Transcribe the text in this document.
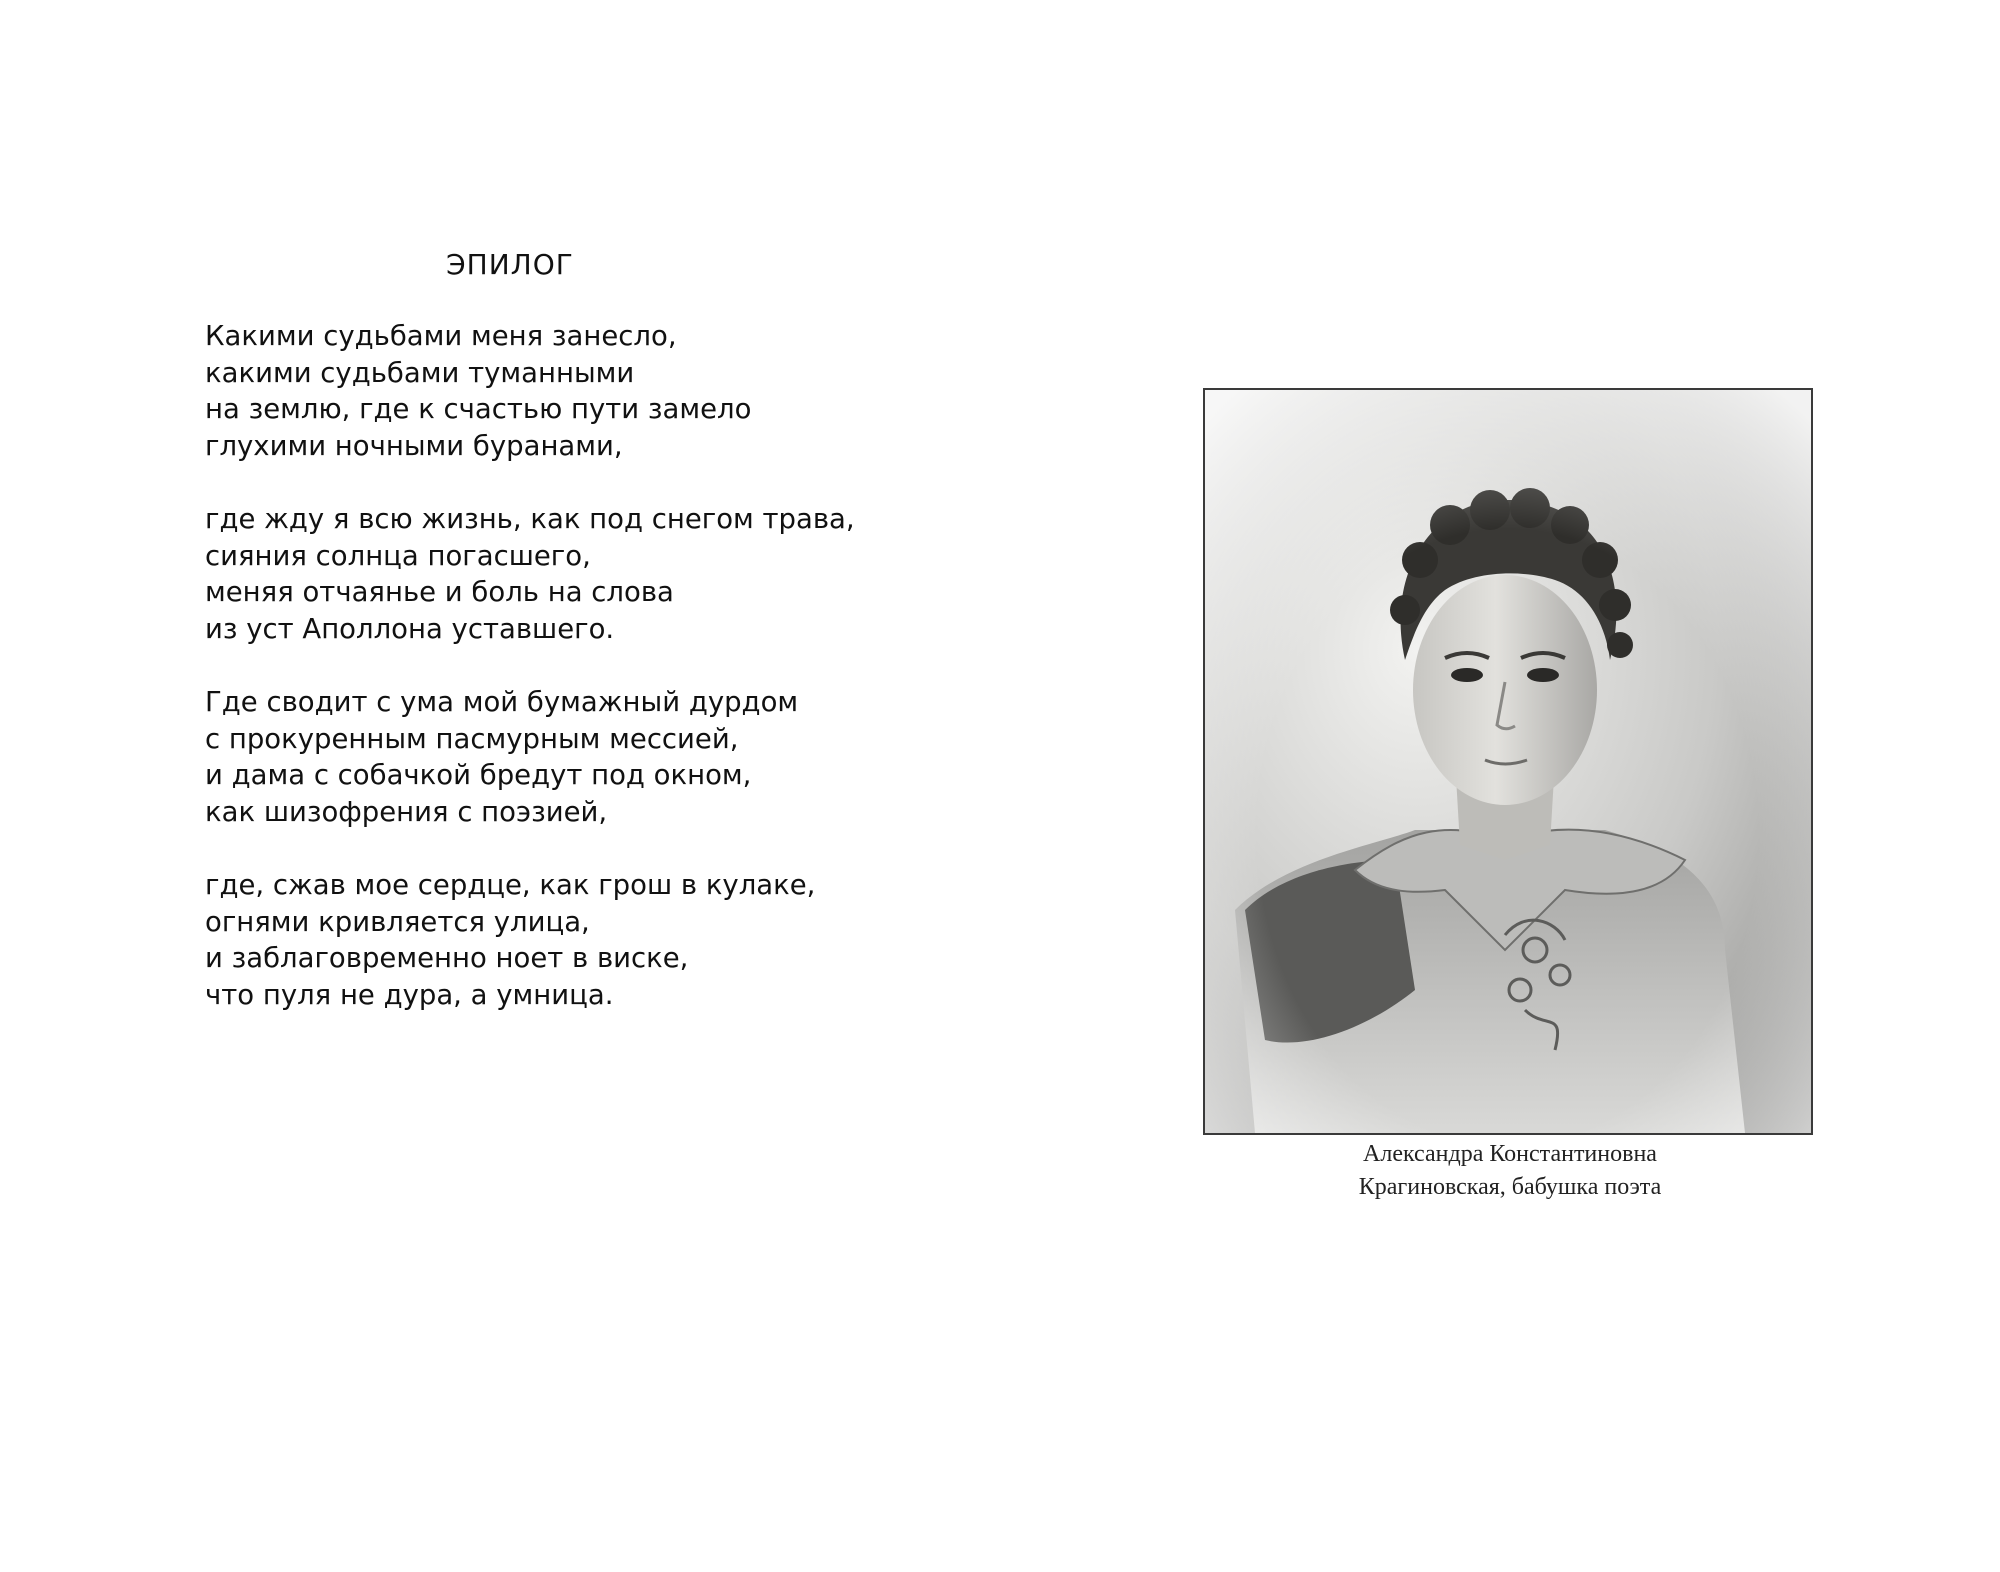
ЭПИЛОГ
Какими судьбами меня занесло,
какими судьбами туманными
на землю, где к счастью пути замело
глухими ночными буранами,
где жду я всю жизнь, как под снегом трава,
сияния солнца погасшего,
меняя отчаянье и боль на слова
из уст Аполлона уставшего.
Где сводит с ума мой бумажный дурдом
с прокуренным пасмурным мессией,
и дама с собачкой бредут под окном,
как шизофрения с поэзией,
где, сжав мое сердце, как грош в кулаке,
огнями кривляется улица,
и заблаговременно ноет в виске,
что пуля не дура, а умница.
Александра Константиновна
Крагиновская, бабушка поэта
